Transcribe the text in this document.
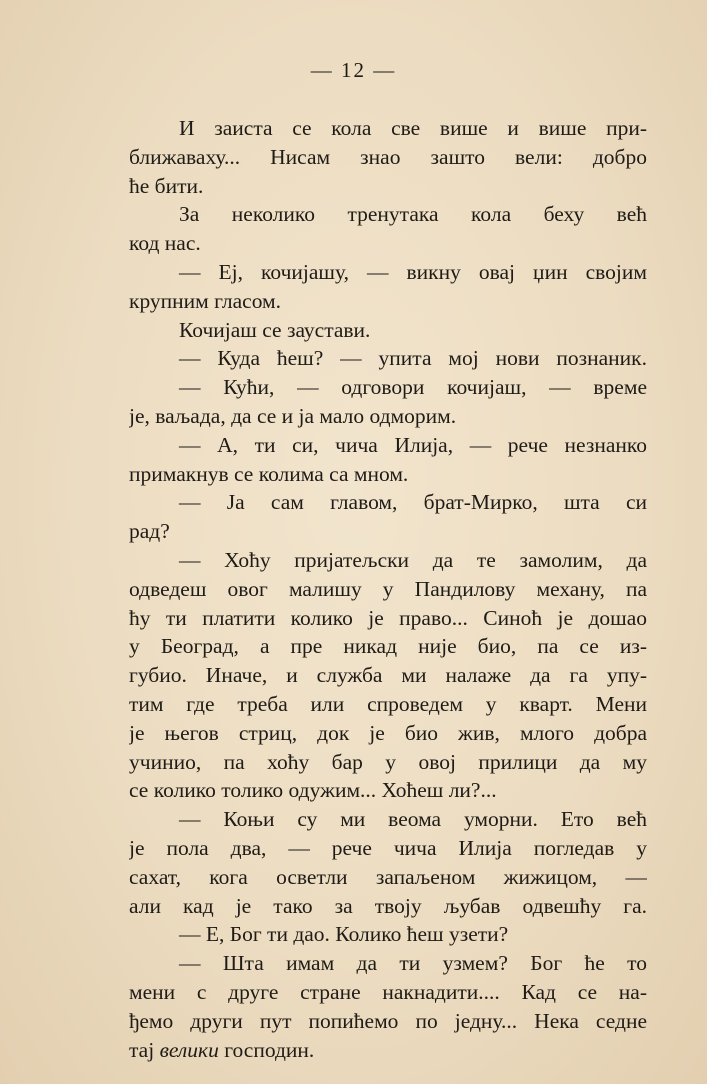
— 12 —
И заиста се кола све више и више при-
ближаваху... Нисам знао зашто вели: добро
ће бити.
За неколико тренутака кола беху већ
код нас.
— Еј, кочијашу, — викну овај џин својим
крупним гласом.
Кочијаш се заустави.
— Куда ћеш? — упита мој нови познаник.
— Кући, — одговори кочијаш, — време
је, ваљада, да се и ја мало одморим.
— А, ти си, чича Илија, — рече незнанко
примакнув се колима са мном.
— Ја сам главом, брат-Мирко, шта си
рад?
— Хоћу пријатељски да те замолим, да
одведеш овог малишу у Пандилову механу, па
ћу ти платити колико је право... Синоћ је дошао
у Београд, а пре никад није био, па се из-
губио. Иначе, и служба ми налаже да га упу-
тим где треба или спроведем у кварт. Мени
је његов стриц, док је био жив, млого добра
учинио, па хоћу бар у овој прилици да му
се колико толико одужим... Хоћеш ли?...
— Коњи су ми веома уморни. Ето већ
је пола два, — рече чича Илија погледав у
сахат, кога осветли запаљеном жижицом, —
али кад је тако за твоју љубав одвешћу га.
— Е, Бог ти дао. Колико ћеш узети?
— Шта имам да ти узмем? Бог ће то
мени с друге стране накнадити.... Кад се на-
ђемо други пут попићемо по једну... Нека седне
тај велики господин.
